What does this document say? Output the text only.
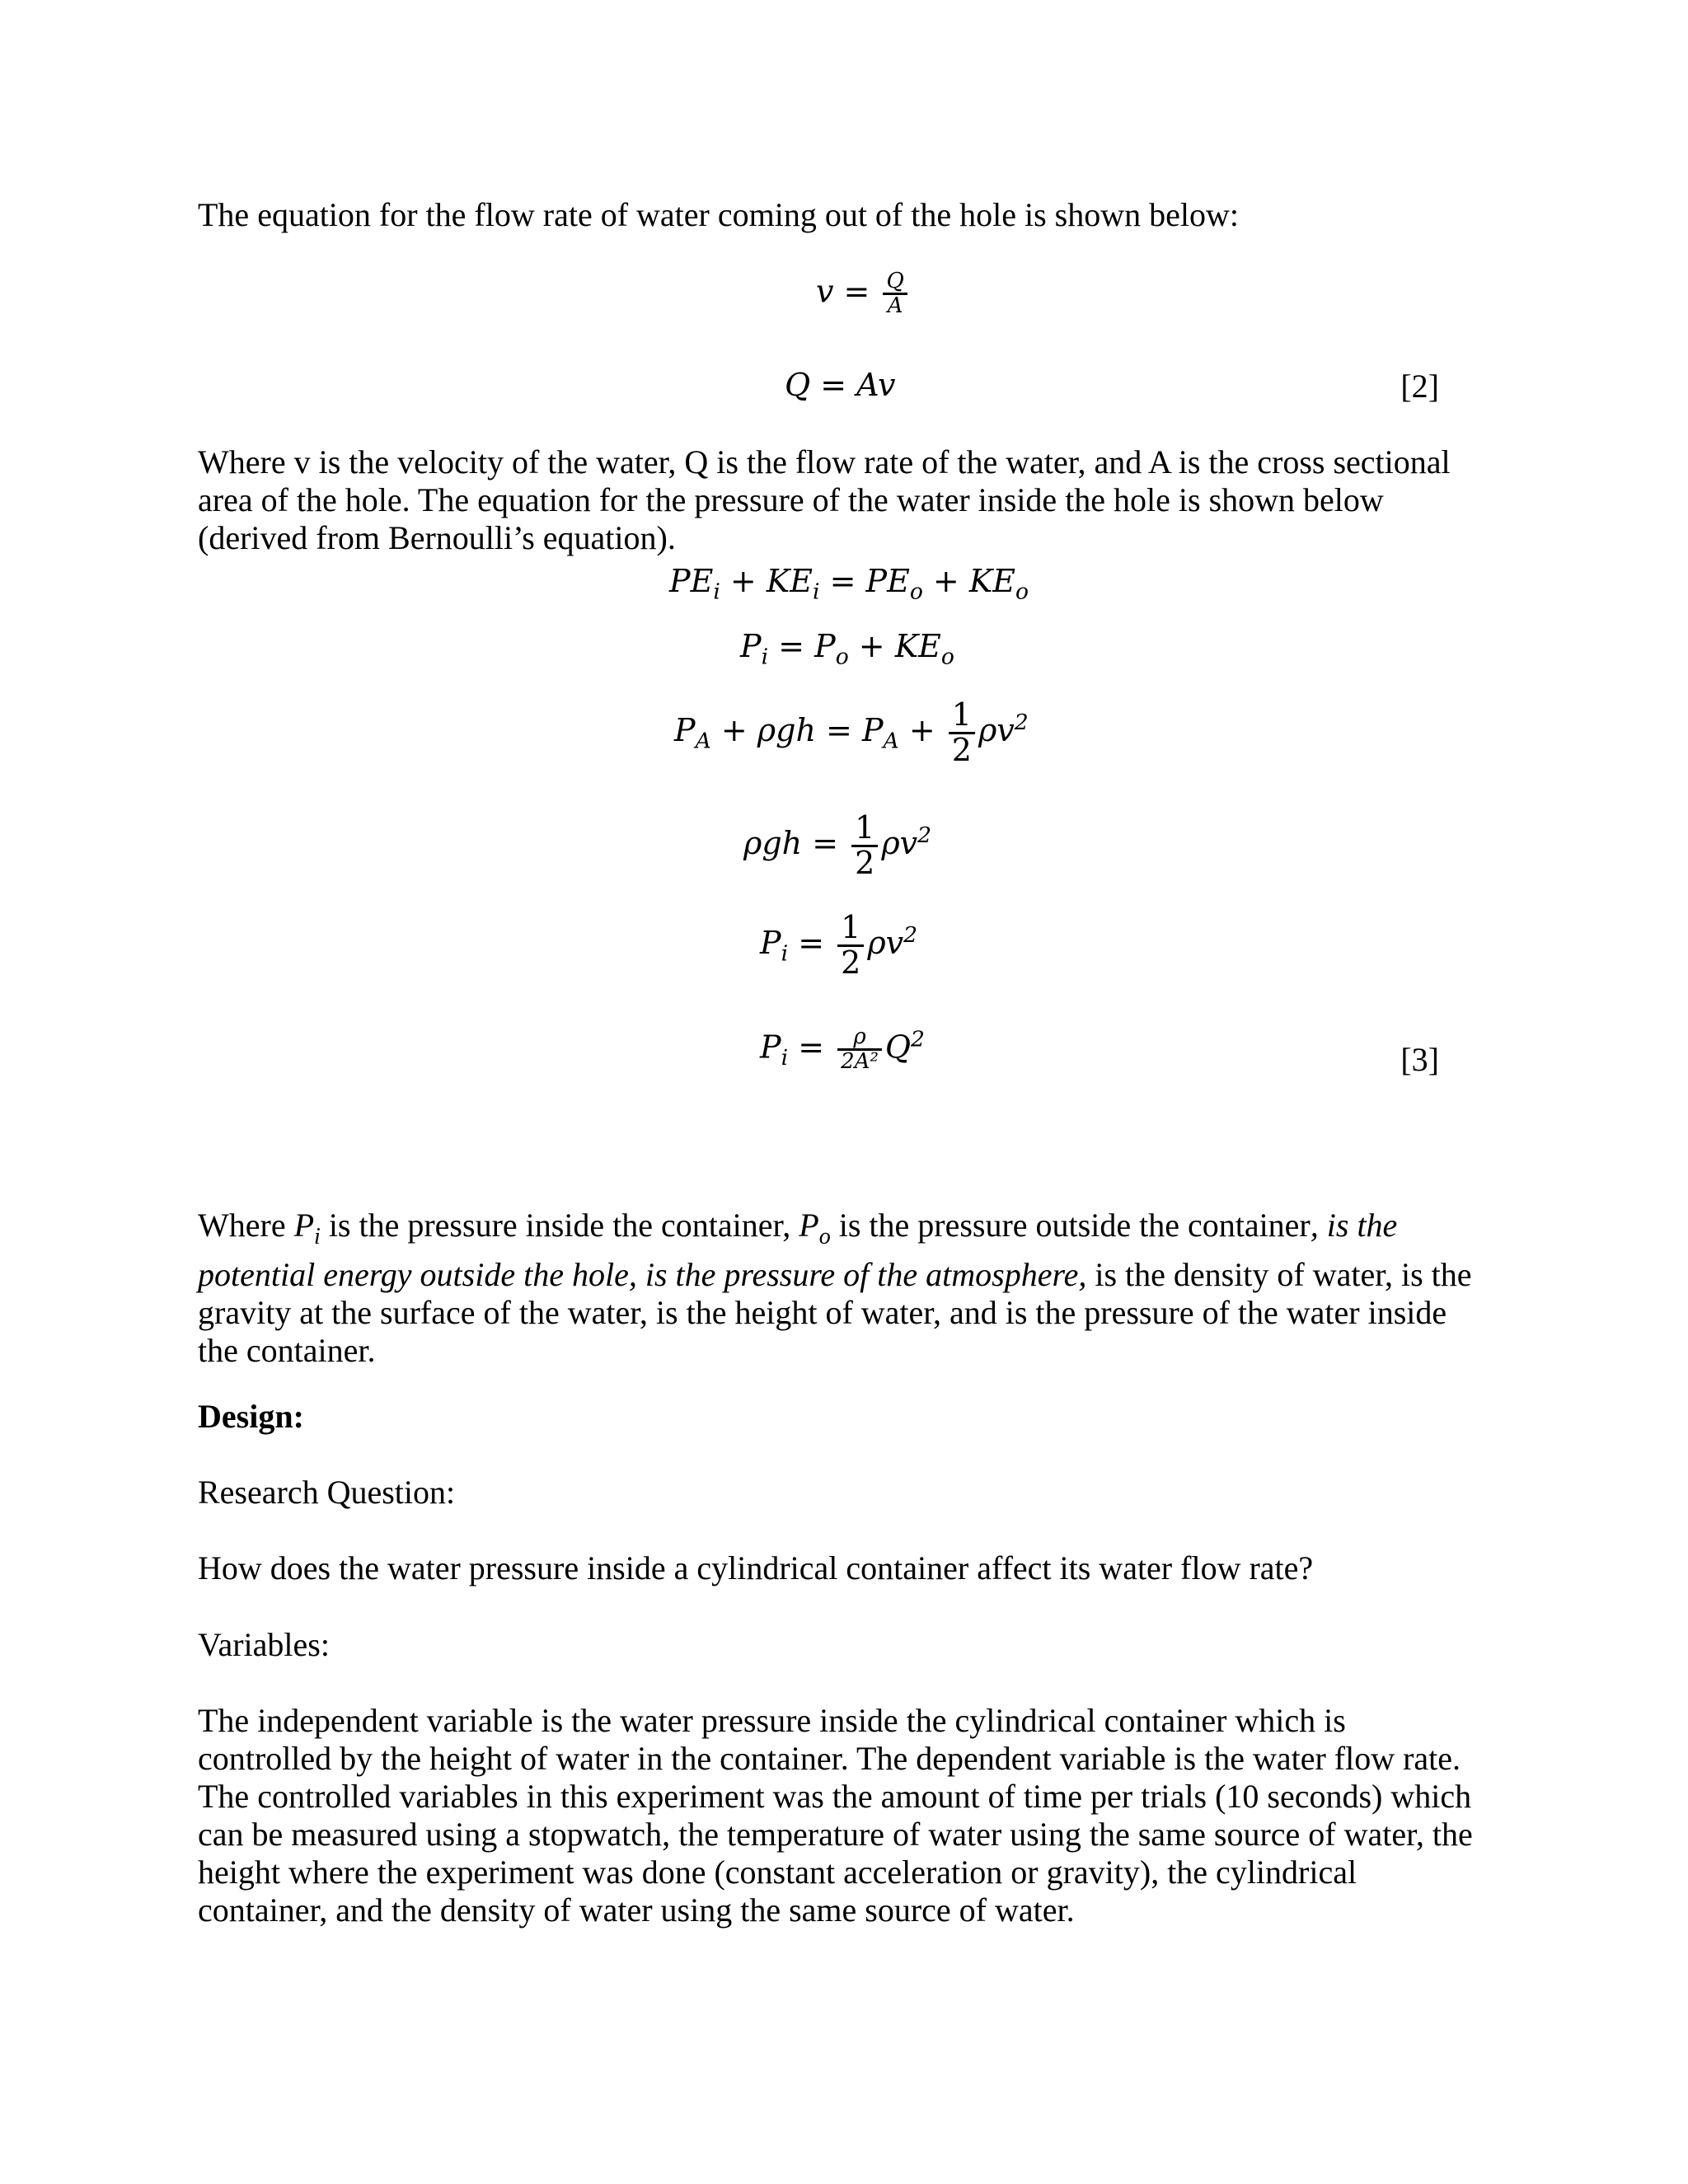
The equation for the flow rate of water coming out of the hole is shown below:

$v = \frac{Q}{A}$
Q = Av	[2]

Where v is the velocity of the water, Q is the flow rate of the water, and A is the cross sectional area of the hole. The equation for the pressure of the water inside the hole is shown below (derived from Bernoulli’s equation).

$PE_i + KE_i = PE_o + KE_o$
$P_i = P_o + KE_o$
$P_A + \rho gh = P_A + \frac{1}{2} \rho v^2$
$\rho gh = \frac{1}{2} \rho v^2$
$P_i = \frac{1}{2} \rho v^2$
$P_i = \frac{\rho}{\text{2A²}} Q^2$
[3]

Where $P_i$ is the pressure inside the container, $P_o$ is the pressure outside the container, is the potential energy outside the hole, is the pressure of the atmosphere, is the density of water, is the gravity at the surface of the water, is the height of water, and is the pressure of the water inside the container.

Design:

Research Question:

How does the water pressure inside a cylindrical container affect its water flow rate?

Variables:

The independent variable is the water pressure inside the cylindrical container which is controlled by the height of water in the container. The dependent variable is the water flow rate. The controlled variables in this experiment was the amount of time per trials (10 seconds) which can be measured using a stopwatch, the temperature of water using the same source of water, the height where the experiment was done (constant acceleration or gravity), the cylindrical container, and the density of water using the same source of water.
